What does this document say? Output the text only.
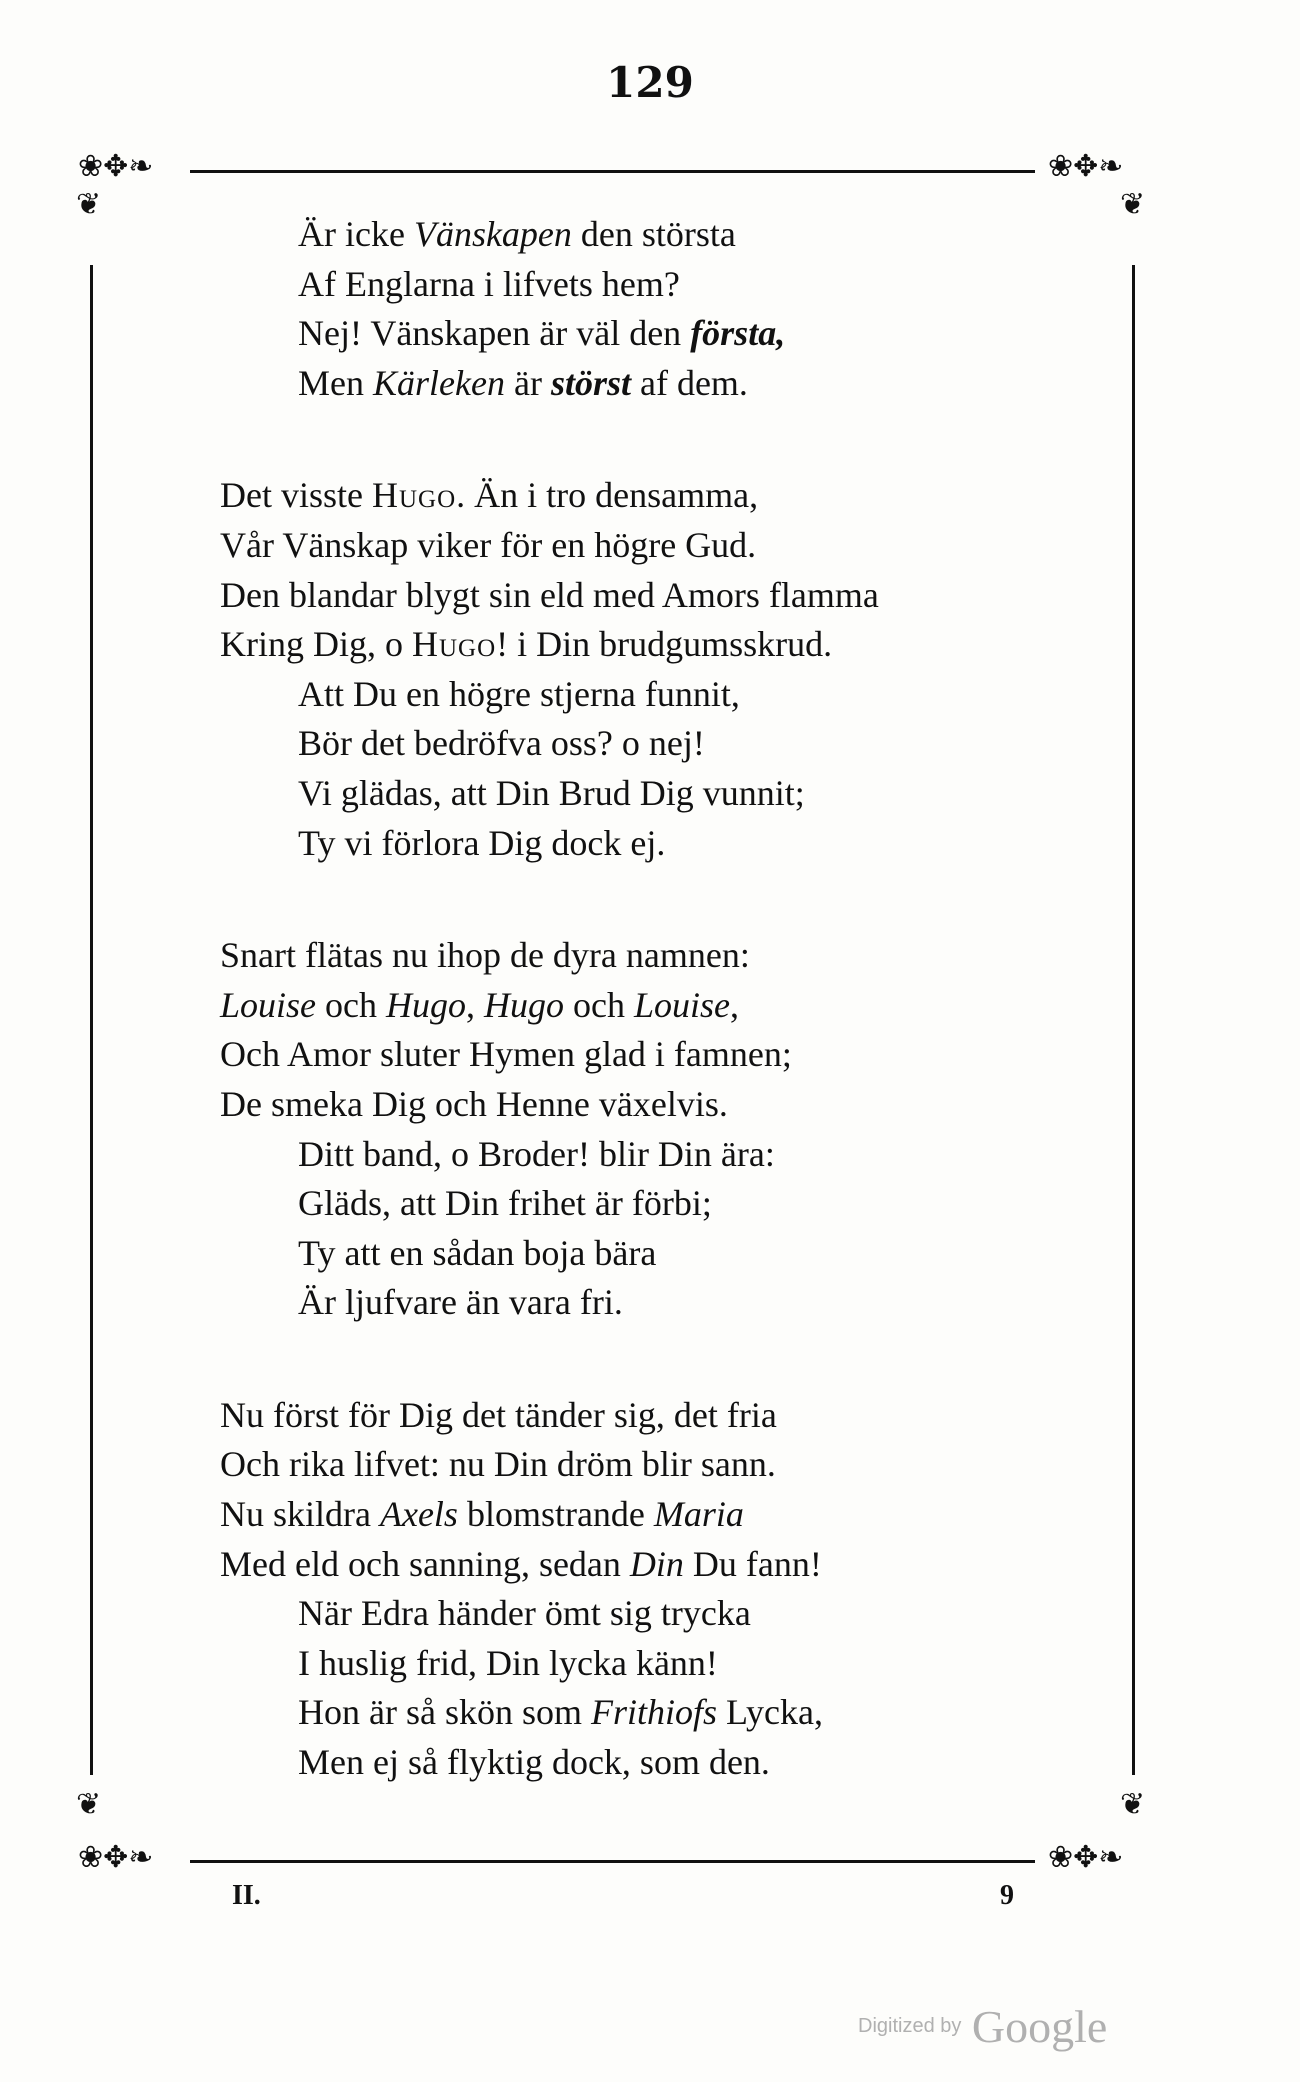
129
❀✥❧	❀✥❧
❀✥❧	❀✥❧
❦	❦
❦	❦
Är icke Vänskapen den största
Af Englarna i lifvets hem?
Nej! Vänskapen är väl den första,
Men Kärleken är störst af dem.
Det visste Hugo. Än i tro densamma,
Vår Vänskap viker för en högre Gud.
Den blandar blygt sin eld med Amors flamma
Kring Dig, o Hugo! i Din brudgumsskrud.
Att Du en högre stjerna funnit,
Bör det bedröfva oss? o nej!
Vi glädas, att Din Brud Dig vunnit;
Ty vi förlora Dig dock ej.
Snart flätas nu ihop de dyra namnen:
Louise och Hugo, Hugo och Louise,
Och Amor sluter Hymen glad i famnen;
De smeka Dig och Henne växelvis.
Ditt band, o Broder! blir Din ära:
Gläds, att Din frihet är förbi;
Ty att en sådan boja bära
Är ljufvare än vara fri.
Nu först för Dig det tänder sig, det fria
Och rika lifvet: nu Din dröm blir sann.
Nu skildra Axels blomstrande Maria
Med eld och sanning, sedan Din Du fann!
När Edra händer ömt sig trycka
I huslig frid, Din lycka känn!
Hon är så skön som Frithiofs Lycka,
Men ej så flyktig dock, som den.
II.	9
Digitized by Google
